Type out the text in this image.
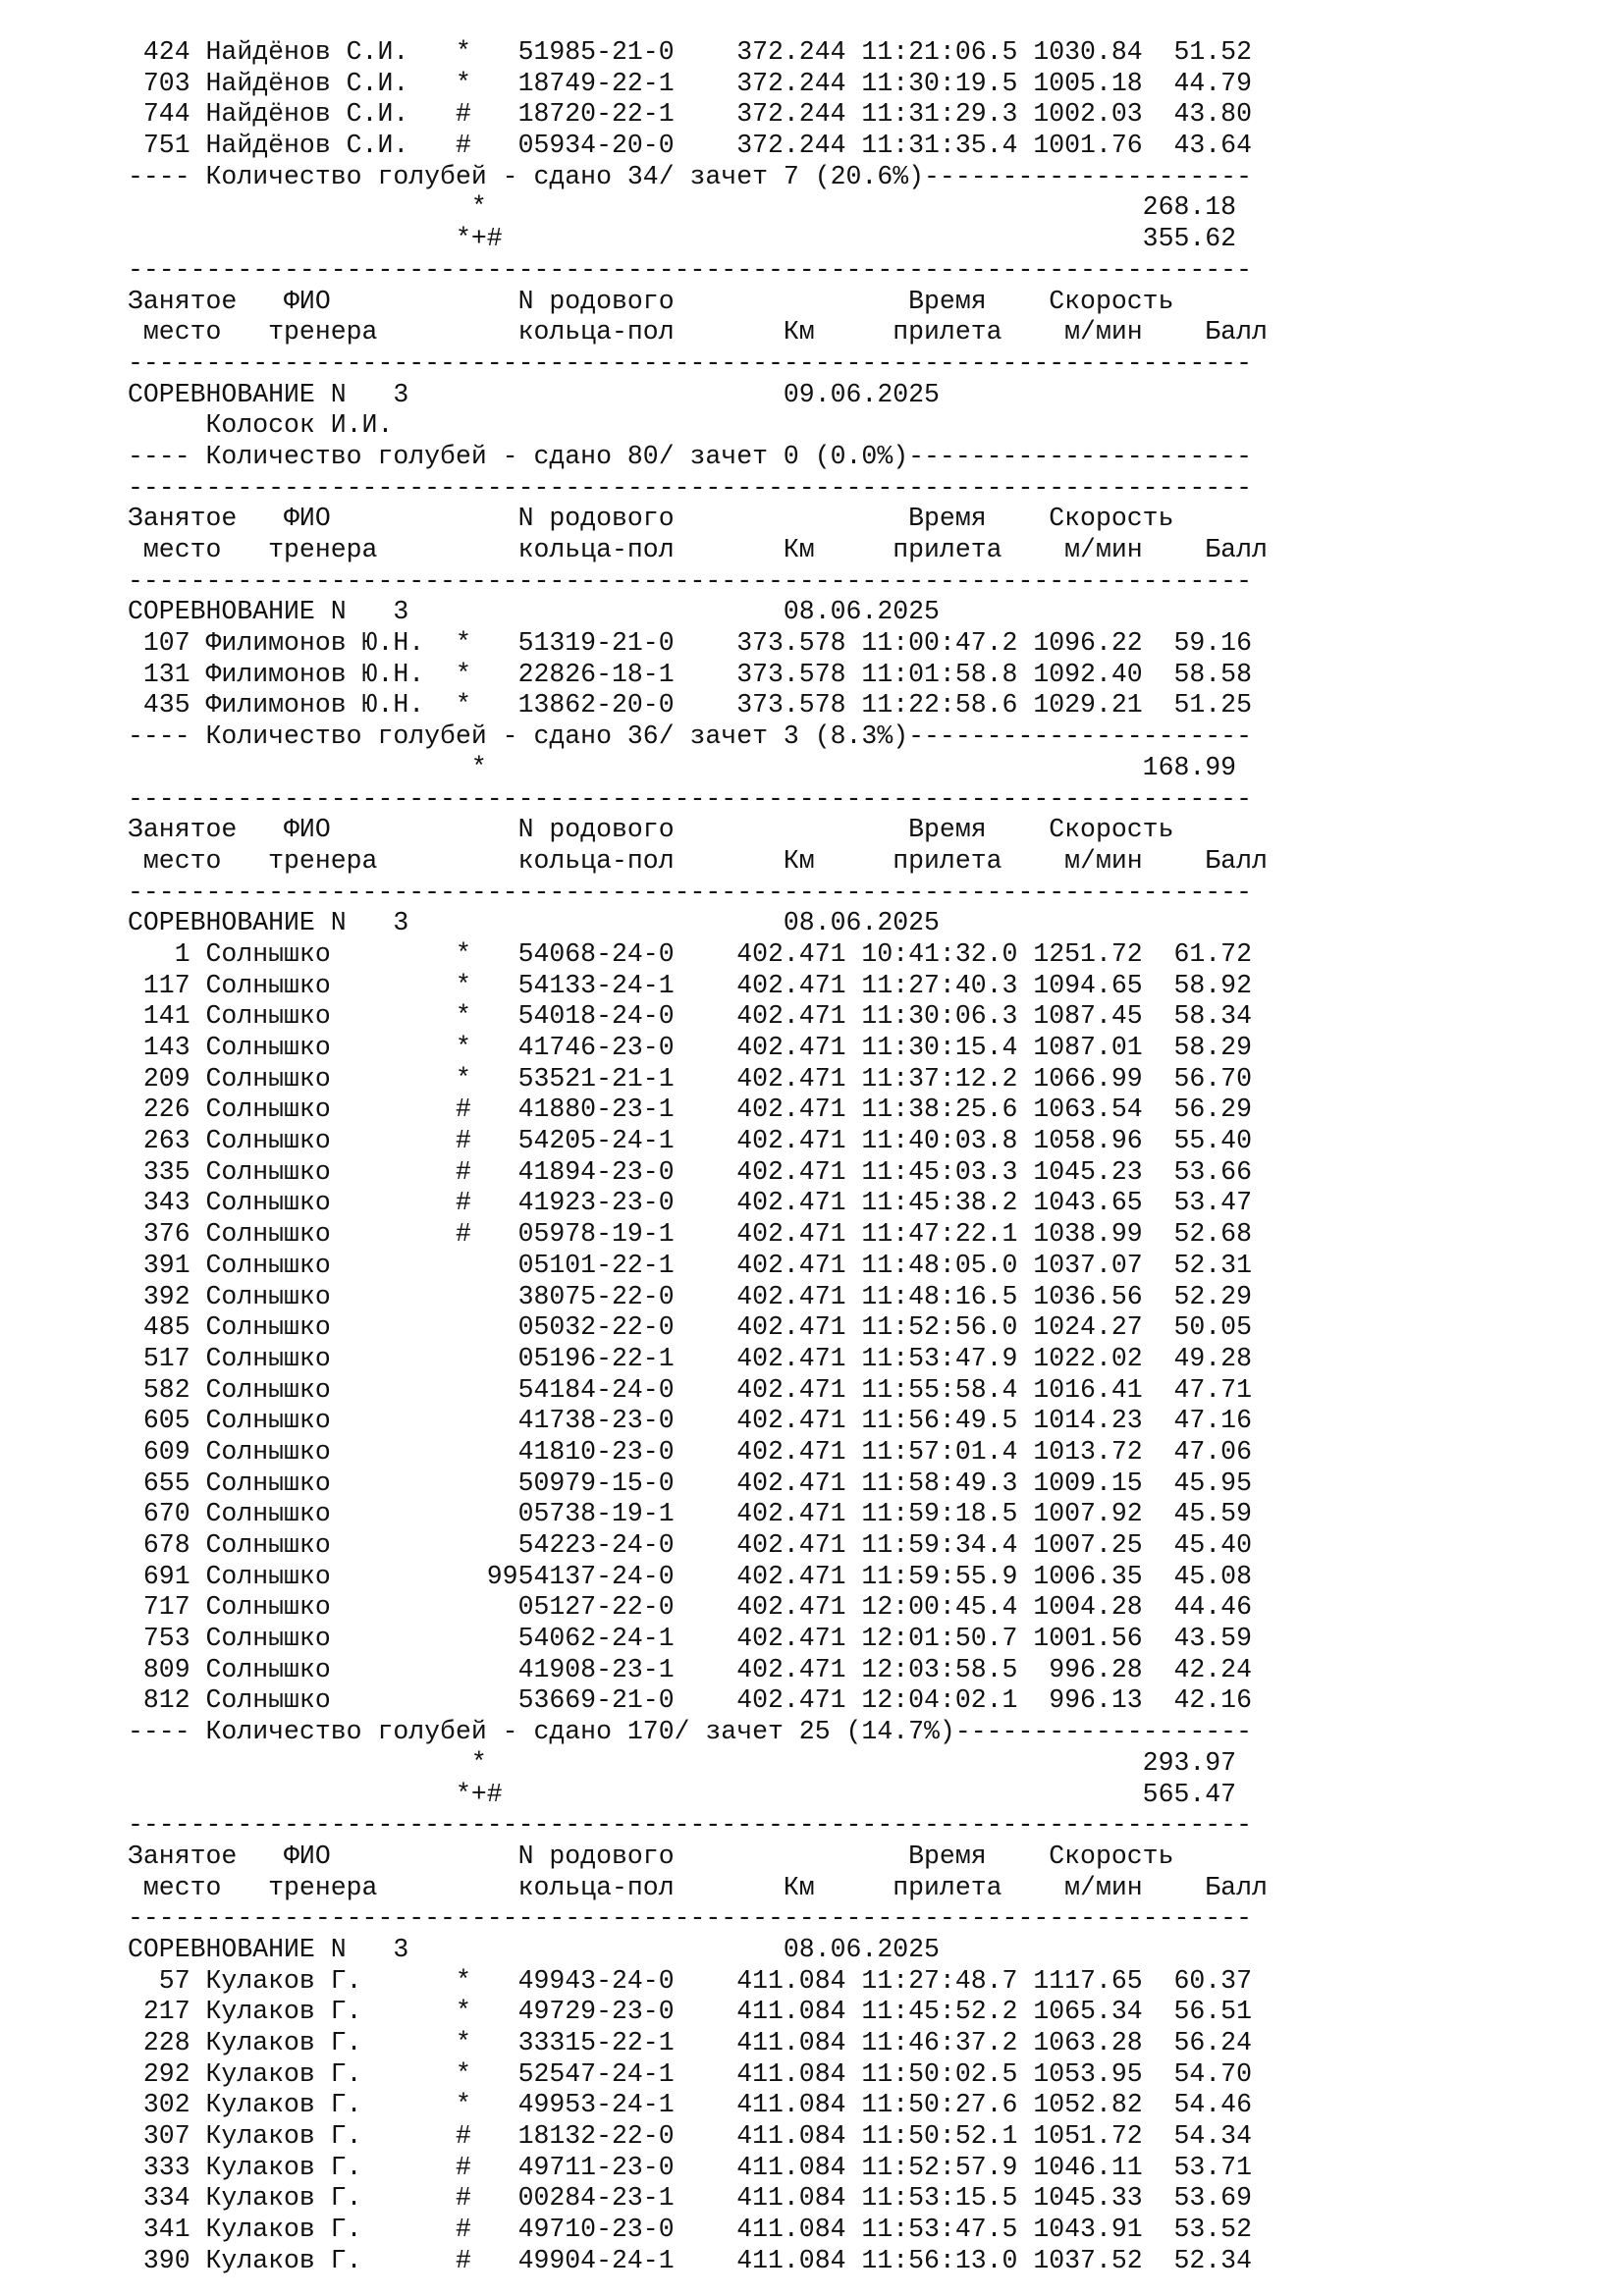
424 Найдёнов С.И.   *   51985-21-0    372.244 11:21:06.5 1030.84  51.52
703 Найдёнов С.И.   *   18749-22-1    372.244 11:30:19.5 1005.18  44.79
744 Найдёнов С.И.   #   18720-22-1    372.244 11:31:29.3 1002.03  43.80
751 Найдёнов С.И.   #   05934-20-0    372.244 11:31:35.4 1001.76  43.64
---- Количество голубей - сдано 34/ зачет 7 (20.6%)---------------------
*                                          268.18
*+#                                         355.62
------------------------------------------------------------------------
Занятое   ФИО            N родового               Время    Скорость
место   тренера         кольца-пол       Км     прилета    м/мин    Балл
------------------------------------------------------------------------
СОРЕВНОВАНИЕ N   3                        09.06.2025
Колосок И.И.
---- Количество голубей - сдано 80/ зачет 0 (0.0%)----------------------
------------------------------------------------------------------------
Занятое   ФИО            N родового               Время    Скорость
место   тренера         кольца-пол       Км     прилета    м/мин    Балл
------------------------------------------------------------------------
СОРЕВНОВАНИЕ N   3                        08.06.2025
107 Филимонов Ю.Н.  *   51319-21-0    373.578 11:00:47.2 1096.22  59.16
131 Филимонов Ю.Н.  *   22826-18-1    373.578 11:01:58.8 1092.40  58.58
435 Филимонов Ю.Н.  *   13862-20-0    373.578 11:22:58.6 1029.21  51.25
---- Количество голубей - сдано 36/ зачет 3 (8.3%)----------------------
*                                          168.99
------------------------------------------------------------------------
Занятое   ФИО            N родового               Время    Скорость
место   тренера         кольца-пол       Км     прилета    м/мин    Балл
------------------------------------------------------------------------
СОРЕВНОВАНИЕ N   3                        08.06.2025
1 Солнышко        *   54068-24-0    402.471 10:41:32.0 1251.72  61.72
117 Солнышко        *   54133-24-1    402.471 11:27:40.3 1094.65  58.92
141 Солнышко        *   54018-24-0    402.471 11:30:06.3 1087.45  58.34
143 Солнышко        *   41746-23-0    402.471 11:30:15.4 1087.01  58.29
209 Солнышко        *   53521-21-1    402.471 11:37:12.2 1066.99  56.70
226 Солнышко        #   41880-23-1    402.471 11:38:25.6 1063.54  56.29
263 Солнышко        #   54205-24-1    402.471 11:40:03.8 1058.96  55.40
335 Солнышко        #   41894-23-0    402.471 11:45:03.3 1045.23  53.66
343 Солнышко        #   41923-23-0    402.471 11:45:38.2 1043.65  53.47
376 Солнышко        #   05978-19-1    402.471 11:47:22.1 1038.99  52.68
391 Солнышко            05101-22-1    402.471 11:48:05.0 1037.07  52.31
392 Солнышко            38075-22-0    402.471 11:48:16.5 1036.56  52.29
485 Солнышко            05032-22-0    402.471 11:52:56.0 1024.27  50.05
517 Солнышко            05196-22-1    402.471 11:53:47.9 1022.02  49.28
582 Солнышко            54184-24-0    402.471 11:55:58.4 1016.41  47.71
605 Солнышко            41738-23-0    402.471 11:56:49.5 1014.23  47.16
609 Солнышко            41810-23-0    402.471 11:57:01.4 1013.72  47.06
655 Солнышко            50979-15-0    402.471 11:58:49.3 1009.15  45.95
670 Солнышко            05738-19-1    402.471 11:59:18.5 1007.92  45.59
678 Солнышко            54223-24-0    402.471 11:59:34.4 1007.25  45.40
691 Солнышко          9954137-24-0    402.471 11:59:55.9 1006.35  45.08
717 Солнышко            05127-22-0    402.471 12:00:45.4 1004.28  44.46
753 Солнышко            54062-24-1    402.471 12:01:50.7 1001.56  43.59
809 Солнышко            41908-23-1    402.471 12:03:58.5  996.28  42.24
812 Солнышко            53669-21-0    402.471 12:04:02.1  996.13  42.16
---- Количество голубей - сдано 170/ зачет 25 (14.7%)-------------------
*                                          293.97
*+#                                         565.47
------------------------------------------------------------------------
Занятое   ФИО            N родового               Время    Скорость
место   тренера         кольца-пол       Км     прилета    м/мин    Балл
------------------------------------------------------------------------
СОРЕВНОВАНИЕ N   3                        08.06.2025
57 Кулаков Г.      *   49943-24-0    411.084 11:27:48.7 1117.65  60.37
217 Кулаков Г.      *   49729-23-0    411.084 11:45:52.2 1065.34  56.51
228 Кулаков Г.      *   33315-22-1    411.084 11:46:37.2 1063.28  56.24
292 Кулаков Г.      *   52547-24-1    411.084 11:50:02.5 1053.95  54.70
302 Кулаков Г.      *   49953-24-1    411.084 11:50:27.6 1052.82  54.46
307 Кулаков Г.      #   18132-22-0    411.084 11:50:52.1 1051.72  54.34
333 Кулаков Г.      #   49711-23-0    411.084 11:52:57.9 1046.11  53.71
334 Кулаков Г.      #   00284-23-1    411.084 11:53:15.5 1045.33  53.69
341 Кулаков Г.      #   49710-23-0    411.084 11:53:47.5 1043.91  53.52
390 Кулаков Г.      #   49904-24-1    411.084 11:56:13.0 1037.52  52.34
